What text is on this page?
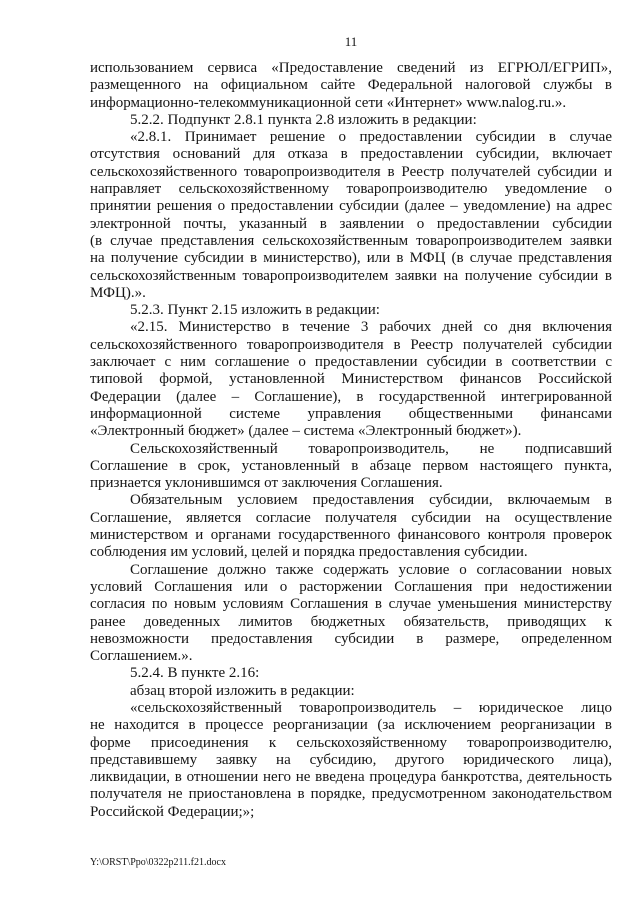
11
использованием сервиса «Предоставление сведений из ЕГРЮЛ/ЕГРИП»,
размещенного на официальном сайте Федеральной налоговой службы в
информационно-телекоммуникационной сети «Интернет» www.nalog.ru.».
5.2.2. Подпункт 2.8.1 пункта 2.8 изложить в редакции:
«2.8.1. Принимает решение о предоставлении субсидии в случае
отсутствия оснований для отказа в предоставлении субсидии, включает
сельскохозяйственного товаропроизводителя в Реестр получателей субсидии и
направляет сельскохозяйственному товаропроизводителю уведомление о
принятии решения о предоставлении субсидии (далее – уведомление) на адрес
электронной почты, указанный в заявлении о предоставлении субсидии
(в случае представления сельскохозяйственным товаропроизводителем заявки
на получение субсидии в министерство), или в МФЦ (в случае представления
сельскохозяйственным товаропроизводителем заявки на получение субсидии в
МФЦ).».
5.2.3. Пункт 2.15 изложить в редакции:
«2.15. Министерство в течение 3 рабочих дней со дня включения
сельскохозяйственного товаропроизводителя в Реестр получателей субсидии
заключает с ним соглашение о предоставлении субсидии в соответствии с
типовой формой, установленной Министерством финансов Российской
Федерации (далее – Соглашение), в государственной интегрированной
информационной системе управления общественными финансами
«Электронный бюджет» (далее – система «Электронный бюджет»).
Сельскохозяйственный товаропроизводитель, не подписавший
Соглашение в срок, установленный в абзаце первом настоящего пункта,
признается уклонившимся от заключения Соглашения.
Обязательным условием предоставления субсидии, включаемым в
Соглашение, является согласие получателя субсидии на осуществление
министерством и органами государственного финансового контроля проверок
соблюдения им условий, целей и порядка предоставления субсидии.
Соглашение должно также содержать условие о согласовании новых
условий Соглашения или о расторжении Соглашения при недостижении
согласия по новым условиям Соглашения в случае уменьшения министерству
ранее доведенных лимитов бюджетных обязательств, приводящих к
невозможности предоставления субсидии в размере, определенном
Соглашением.».
5.2.4. В пункте 2.16:
абзац второй изложить в редакции:
«сельскохозяйственный товаропроизводитель – юридическое лицо
не находится в процессе реорганизации (за исключением реорганизации в
форме присоединения к сельскохозяйственному товаропроизводителю,
представившему заявку на субсидию, другого юридического лица),
ликвидации, в отношении него не введена процедура банкротства, деятельность
получателя не приостановлена в порядке, предусмотренном законодательством
Российской Федерации;»;
Y:\ORST\Ppo\0322p211.f21.docx
